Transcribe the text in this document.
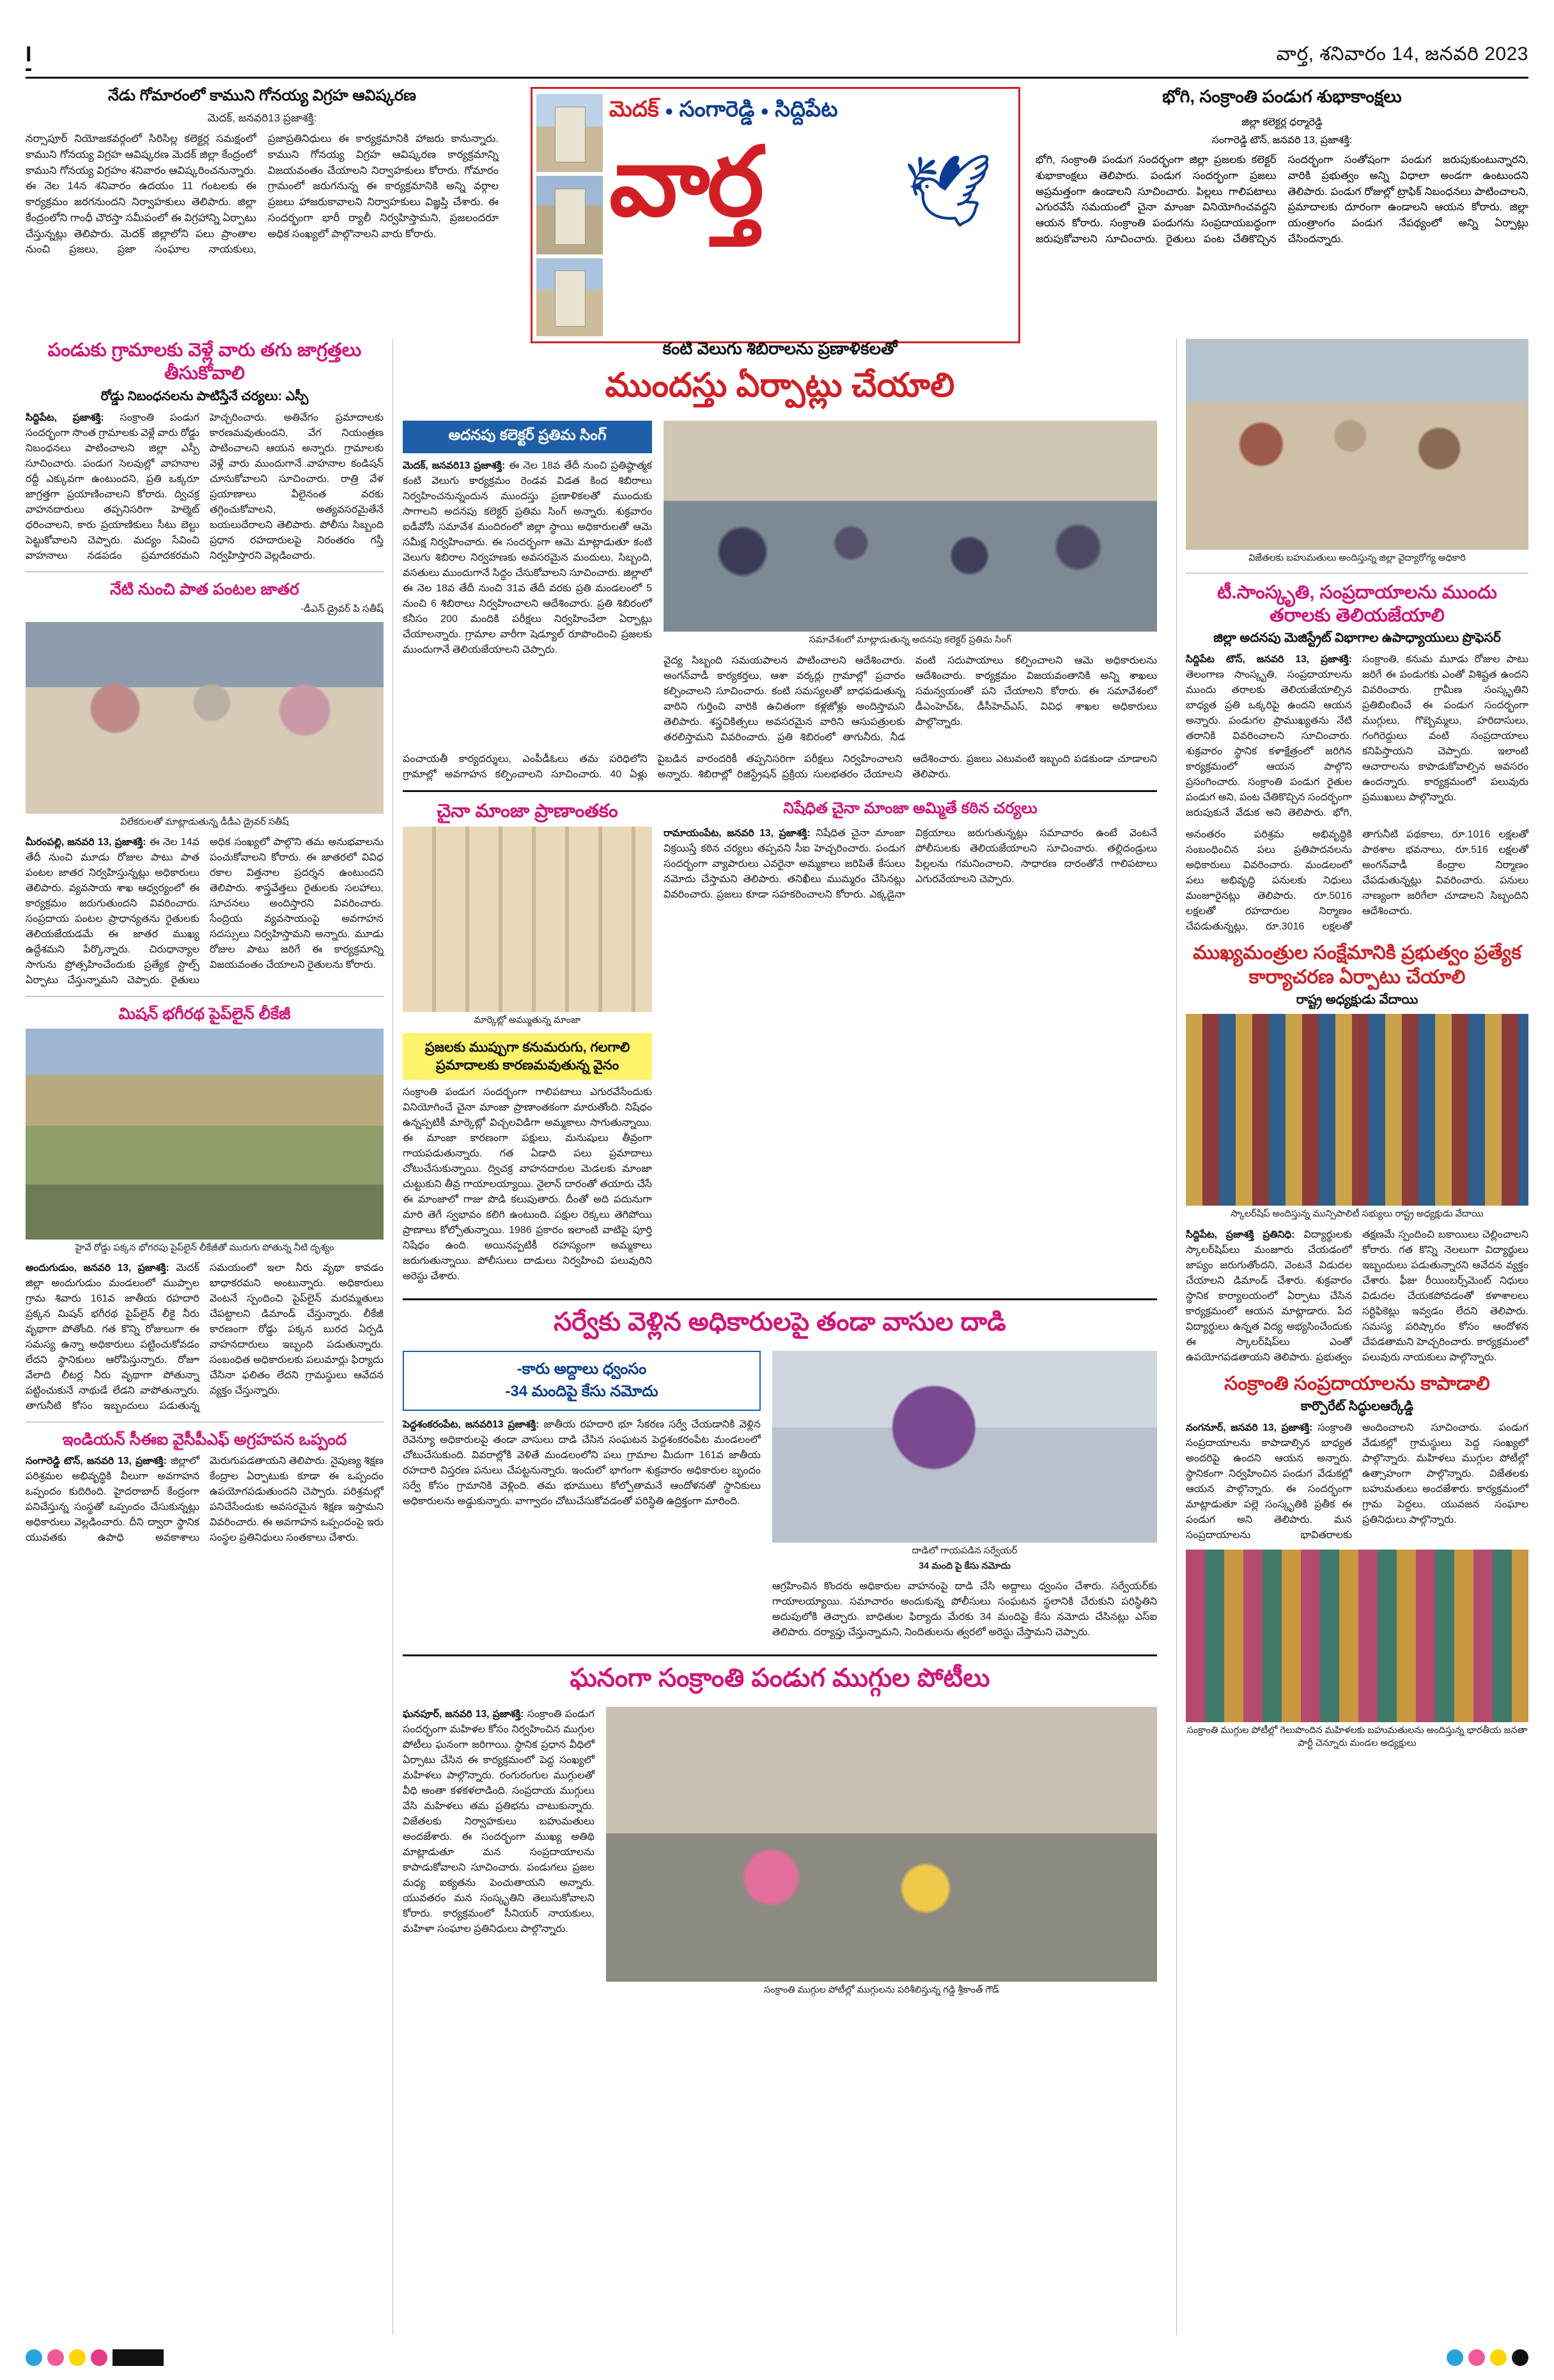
I	వార్త, శనివారం 14, జనవరి 2023
నేడు గోమారంలో కాముని గోనయ్య విగ్రహ ఆవిష్కరణ
మెదక్, జనవరి13 ప్రజాశక్తి:

నర్సాపూర్ నియోజకవర్గంలో సిరిసిల్ల కలెక్టర్ల సమక్షంలో కాముని గోనయ్య విగ్రహ ఆవిష్కరణ మెదక్ జిల్లా కేంద్రంలో కాముని గోనయ్య విగ్రహం శనివారం ఆవిష్కరించనున్నారు. ఈ నెల 14న శనివారం ఉదయం 11 గంటలకు ఈ కార్యక్రమం జరగనుందని నిర్వాహకులు తెలిపారు. జిల్లా కేంద్రంలోని గాంధీ చౌరస్తా సమీపంలో ఈ విగ్రహాన్ని ఏర్పాటు చేస్తున్నట్లు తెలిపారు. మెదక్ జిల్లాలోని పలు ప్రాంతాల నుంచి ప్రజలు, ప్రజా సంఘాల నాయకులు, ప్రజాప్రతినిధులు ఈ కార్యక్రమానికి హాజరు కానున్నారు. కాముని గోనయ్య విగ్రహ ఆవిష్కరణ కార్యక్రమాన్ని విజయవంతం చేయాలని నిర్వాహకులు కోరారు. గోమారం గ్రామంలో జరుగనున్న ఈ కార్యక్రమానికి అన్ని వర్గాల ప్రజలు హాజరుకావాలని నిర్వాహకులు విజ్ఞప్తి చేశారు. ఈ సందర్భంగా భారీ ర్యాలీ నిర్వహిస్తామని, ప్రజలందరూ అధిక సంఖ్యలో పాల్గొనాలని వారు కోరారు.

మెదక్ • సంగారెడ్డి • సిద్దిపేట
వార్త 🕊
భోగి, సంక్రాంతి పండుగ శుభాకాంక్షలు
జిల్లా కలెక్టర్ల ధర్మారెడ్డి
సంగారెడ్డి టౌన్, జనవరి 13, ప్రజాశక్తి:

భోగి, సంక్రాంతి పండుగ సందర్భంగా జిల్లా ప్రజలకు కలెక్టర్ శుభాకాంక్షలు తెలిపారు. పండుగ సందర్భంగా ప్రజలు అప్రమత్తంగా ఉండాలని సూచించారు. పిల్లలు గాలిపటాలు ఎగురవేసే సమయంలో చైనా మాంజా వినియోగించవద్దని ఆయన కోరారు. సంక్రాంతి పండుగను సంప్రదాయబద్ధంగా జరుపుకోవాలని సూచించారు. రైతులు పంట చేతికొచ్చిన సందర్భంగా సంతోషంగా పండుగ జరుపుకుంటున్నారని, వారికి ప్రభుత్వం అన్ని విధాలా అండగా ఉంటుందని తెలిపారు. పండుగ రోజుల్లో ట్రాఫిక్ నిబంధనలు పాటించాలని, ప్రమాదాలకు దూరంగా ఉండాలని ఆయన కోరారు. జిల్లా యంత్రాంగం పండుగ నేపథ్యంలో అన్ని ఏర్పాట్లు చేసిందన్నారు.

పండుకు గ్రామాలకు వెళ్లే వారు తగు జాగ్రత్తలు తీసుకోవాలి
రోడ్డు నిబంధనలను పాటిస్తేనే చర్యలు: ఎస్పీ
సిద్దిపేట, ప్రజాశక్తి: సంక్రాంతి పండుగ సందర్భంగా సొంత గ్రామాలకు వెళ్లే వారు రోడ్డు నిబంధనలు పాటించాలని జిల్లా ఎస్పీ సూచించారు. పండుగ సెలవుల్లో వాహనాల రద్దీ ఎక్కువగా ఉంటుందని, ప్రతి ఒక్కరూ జాగ్రత్తగా ప్రయాణించాలని కోరారు. ద్విచక్ర వాహనదారులు తప్పనిసరిగా హెల్మెట్ ధరించాలని, కారు ప్రయాణికులు సీటు బెల్టు పెట్టుకోవాలని చెప్పారు. మద్యం సేవించి వాహనాలు నడపడం ప్రమాదకరమని హెచ్చరించారు. అతివేగం ప్రమాదాలకు కారణమవుతుందని, వేగ నియంత్రణ పాటించాలని ఆయన అన్నారు. గ్రామాలకు వెళ్లే వారు ముందుగానే వాహనాల కండిషన్ చూసుకోవాలని సూచించారు. రాత్రి వేళ ప్రయాణాలు వీలైనంత వరకు తగ్గించుకోవాలని, అత్యవసరమైతేనే బయలుదేరాలని తెలిపారు. పోలీసు సిబ్బంది ప్రధాన రహదారులపై నిరంతరం గస్తీ నిర్వహిస్తారని వెల్లడించారు.
నేటి నుంచి పాత పంటల జాతర
-డీఎన్ డ్రైవర్ పి సతీష్
విలేకరులతో మాట్లాడుతున్న డీడీఎ డ్రైవర్ సతీష్
మీరంపల్లి, జనవరి 13, ప్రజాశక్తి: ఈ నెల 14వ తేదీ నుంచి మూడు రోజుల పాటు పాత పంటల జాతర నిర్వహిస్తున్నట్లు అధికారులు తెలిపారు. వ్యవసాయ శాఖ ఆధ్వర్యంలో ఈ కార్యక్రమం జరుగుతుందని వివరించారు. సంప్రదాయ పంటల ప్రాధాన్యతను రైతులకు తెలియజేయడమే ఈ జాతర ముఖ్య ఉద్దేశమని పేర్కొన్నారు. చిరుధాన్యాల సాగును ప్రోత్సహించేందుకు ప్రత్యేక స్టాల్స్ ఏర్పాటు చేస్తున్నామని చెప్పారు. రైతులు అధిక సంఖ్యలో పాల్గొని తమ అనుభవాలను పంచుకోవాలని కోరారు. ఈ జాతరలో వివిధ రకాల విత్తనాల ప్రదర్శన ఉంటుందని తెలిపారు. శాస్త్రవేత్తలు రైతులకు సలహాలు, సూచనలు అందిస్తారని వివరించారు. సేంద్రియ వ్యవసాయంపై అవగాహన సదస్సులు నిర్వహిస్తామని అన్నారు. మూడు రోజుల పాటు జరిగే ఈ కార్యక్రమాన్ని విజయవంతం చేయాలని రైతులను కోరారు.
మిషన్ భగీరథ పైప్‌లైన్ లీకేజీ
హైవే రోడ్డు పక్కన భోగరపు పైప్‌లైన్ లీకేజీతో మురుగు పోతున్న నీటి దృశ్యం
అందుగుడుం, జనవరి 13, ప్రజాశక్తి: మెదక్ జిల్లా అందుగుడుం మండలంలో ముప్పాల గ్రామ శివారు 161వ జాతీయ రహదారి ప్రక్కన మిషన్ భగీరథ పైప్‌లైన్ లీకై నీరు వృథాగా పోతోంది. గత కొన్ని రోజులుగా ఈ సమస్య ఉన్నా అధికారులు పట్టించుకోవడం లేదని స్థానికులు ఆరోపిస్తున్నారు. రోజూ వేలాది లీటర్ల నీరు వృథాగా పోతున్నా పట్టించుకునే నాథుడే లేడని వాపోతున్నారు. తాగునీటి కోసం ఇబ్బందులు పడుతున్న సమయంలో ఇలా నీరు వృథా కావడం బాధాకరమని అంటున్నారు. అధికారులు వెంటనే స్పందించి పైప్‌లైన్ మరమ్మతులు చేపట్టాలని డిమాండ్ చేస్తున్నారు. లీకేజీ కారణంగా రోడ్డు పక్కన బురద ఏర్పడి వాహనదారులు ఇబ్బంది పడుతున్నారు. సంబంధిత అధికారులకు పలుమార్లు ఫిర్యాదు చేసినా ఫలితం లేదని గ్రామస్థులు ఆవేదన వ్యక్తం చేస్తున్నారు.
ఇండియన్ సీఈఐ వైసీపీఎఫ్ అగ్రహపన ఒప్పంద
సంగారెడ్డి టౌన్, జనవరి 13, ప్రజాశక్తి: జిల్లాలో పరిశ్రమల అభివృద్ధికి వీలుగా అవగాహన ఒప్పందం కుదిరింది. హైదరాబాద్ కేంద్రంగా పనిచేస్తున్న సంస్థతో ఒప్పందం చేసుకున్నట్లు అధికారులు వెల్లడించారు. దీని ద్వారా స్థానిక యువతకు ఉపాధి అవకాశాలు మెరుగుపడతాయని తెలిపారు. నైపుణ్య శిక్షణ కేంద్రాల ఏర్పాటుకు కూడా ఈ ఒప్పందం ఉపయోగపడుతుందని చెప్పారు. పరిశ్రమల్లో పనిచేసేందుకు అవసరమైన శిక్షణ ఇస్తామని వివరించారు. ఈ అవగాహన ఒప్పందంపై ఇరు సంస్థల ప్రతినిధులు సంతకాలు చేశారు.
కంటి వెలుగు శిబిరాలను ప్రణాళికలతో
ముందస్తు ఏర్పాట్లు చేయాలి
అదనపు కలెక్టర్ ప్రతిమ సింగ్
మెదక్, జనవరి13 ప్రజాశక్తి: ఈ నెల 18వ తేదీ నుంచి ప్రతిష్ఠాత్మక కంటి వెలుగు కార్యక్రమం రెండవ విడత కింద శిబిరాలు నిర్వహించనున్నందున ముందస్తు ప్రణాళికలతో ముందుకు సాగాలని అదనపు కలెక్టర్ ప్రతిమ సింగ్ అన్నారు. శుక్రవారం ఐడీవోసీ సమావేశ మందిరంలో జిల్లా స్థాయి అధికారులతో ఆమె సమీక్ష నిర్వహించారు. ఈ సందర్భంగా ఆమె మాట్లాడుతూ కంటి వెలుగు శిబిరాల నిర్వహణకు అవసరమైన మందులు, సిబ్బంది, వసతులు ముందుగానే సిద్ధం చేసుకోవాలని సూచించారు. జిల్లాలో ఈ నెల 18వ తేదీ నుంచి 31వ తేదీ వరకు ప్రతి మండలంలో 5 నుంచి 6 శిబిరాలు నిర్వహించాలని ఆదేశించారు. ప్రతి శిబిరంలో కనీసం 200 మందికి పరీక్షలు నిర్వహించేలా ఏర్పాట్లు చేయాలన్నారు. గ్రామాల వారీగా షెడ్యూల్ రూపొందించి ప్రజలకు ముందుగానే తెలియజేయాలని చెప్పారు.
సమావేశంలో మాట్లాడుతున్న అదనపు కలెక్టర్ ప్రతిమ సింగ్
వైద్య సిబ్బంది సమయపాలన పాటించాలని ఆదేశించారు. అంగన్‌వాడీ కార్యకర్తలు, ఆశా వర్కర్లు గ్రామాల్లో ప్రచారం కల్పించాలని సూచించారు. కంటి సమస్యలతో బాధపడుతున్న వారిని గుర్తించి వారికి ఉచితంగా కళ్లజోళ్లు అందిస్తామని తెలిపారు. శస్త్రచికిత్సలు అవసరమైన వారిని ఆసుపత్రులకు తరలిస్తామని వివరించారు. ప్రతి శిబిరంలో తాగునీరు, నీడ వంటి సదుపాయాలు కల్పించాలని ఆమె అధికారులను ఆదేశించారు. కార్యక్రమం విజయవంతానికి అన్ని శాఖలు సమన్వయంతో పని చేయాలని కోరారు. ఈ సమావేశంలో డీఎంహెచ్ఓ, డీసీహెచ్ఎస్, వివిధ శాఖల అధికారులు పాల్గొన్నారు.
పంచాయతీ కార్యదర్శులు, ఎంపీడీఓలు తమ పరిధిలోని గ్రామాల్లో అవగాహన కల్పించాలని సూచించారు. 40 ఏళ్లు పైబడిన వారందరికీ తప్పనిసరిగా పరీక్షలు నిర్వహించాలని అన్నారు. శిబిరాల్లో రిజిస్ట్రేషన్ ప్రక్రియ సులభతరం చేయాలని ఆదేశించారు. ప్రజలు ఎటువంటి ఇబ్బంది పడకుండా చూడాలని తెలిపారు.
చైనా మాంజా ప్రాణాంతకం
మార్కెట్లో అమ్ముతున్న మాంజా
ప్రజలకు ముప్పుగా కనుమరుగు, గలగాలి ప్రమాదాలకు కారణమవుతున్న వైనం
సంక్రాంతి పండుగ సందర్భంగా గాలిపటాలు ఎగురవేసేందుకు వినియోగించే చైనా మాంజా ప్రాణాంతకంగా మారుతోంది. నిషేధం ఉన్నప్పటికీ మార్కెట్లో విచ్చలవిడిగా అమ్మకాలు సాగుతున్నాయి. ఈ మాంజా కారణంగా పక్షులు, మనుషులు తీవ్రంగా గాయపడుతున్నారు. గత ఏడాది పలు ప్రమాదాలు చోటుచేసుకున్నాయి. ద్విచక్ర వాహనదారుల మెడలకు మాంజా చుట్టుకుని తీవ్ర గాయాలయ్యాయి. నైలాన్ దారంతో తయారు చేసే ఈ మాంజాలో గాజు పొడి కలుపుతారు. దీంతో అది పదునుగా మారి తెగే స్వభావం కలిగి ఉంటుంది. పక్షుల రెక్కలు తెగిపోయి ప్రాణాలు కోల్పోతున్నాయి. 1986 ప్రకారం ఇలాంటి వాటిపై పూర్తి నిషేధం ఉంది. అయినప్పటికీ రహస్యంగా అమ్మకాలు జరుగుతున్నాయి. పోలీసులు దాడులు నిర్వహించి పలువురిని అరెస్టు చేశారు.
నిషేధిత చైనా మాంజా అమ్మితే కఠిన చర్యలు
రామాయంపేట, జనవరి 13, ప్రజాశక్తి: నిషేధిత చైనా మాంజా విక్రయిస్తే కఠిన చర్యలు తప్పవని సీఐ హెచ్చరించారు. పండుగ సందర్భంగా వ్యాపారులు ఎవరైనా అమ్మకాలు జరిపితే కేసులు నమోదు చేస్తామని తెలిపారు. తనిఖీలు ముమ్మరం చేసినట్లు వివరించారు. ప్రజలు కూడా సహకరించాలని కోరారు. ఎక్కడైనా విక్రయాలు జరుగుతున్నట్లు సమాచారం ఉంటే వెంటనే పోలీసులకు తెలియజేయాలని సూచించారు. తల్లిదండ్రులు పిల్లలను గమనించాలని, సాధారణ దారంతోనే గాలిపటాలు ఎగురవేయాలని చెప్పారు.
సర్వేకు వెళ్లిన అధికారులపై తండా వాసుల దాడి
-కారు అద్దాలు ధ్వంసం
-34 మందిపై కేసు నమోదు
పెద్దశంకరంపేట, జనవరి13 ప్రజాశక్తి: జాతీయ రహదారి భూ సేకరణ సర్వే చేయడానికి వెళ్లిన రెవెన్యూ అధికారులపై తండా వాసులు దాడి చేసిన సంఘటన పెద్దశంకరంపేట మండలంలో చోటుచేసుకుంది. వివరాల్లోకి వెళితే మండలంలోని పలు గ్రామాల మీదుగా 161వ జాతీయ రహదారి విస్తరణ పనులు చేపట్టనున్నారు. ఇందులో భాగంగా శుక్రవారం అధికారుల బృందం సర్వే కోసం గ్రామానికి వెళ్లింది. తమ భూములు కోల్పోతామనే ఆందోళనతో స్థానికులు అధికారులను అడ్డుకున్నారు. వాగ్వాదం చోటుచేసుకోవడంతో పరిస్థితి ఉద్రిక్తంగా మారింది.
దాడిలో గాయపడిన సర్వేయర్
34 మంది పై కేసు నమోదు
ఆగ్రహించిన కొందరు అధికారుల వాహనంపై దాడి చేసి అద్దాలు ధ్వంసం చేశారు. సర్వేయర్‌కు గాయాలయ్యాయి. సమాచారం అందుకున్న పోలీసులు సంఘటన స్థలానికి చేరుకుని పరిస్థితిని అదుపులోకి తెచ్చారు. బాధితుల ఫిర్యాదు మేరకు 34 మందిపై కేసు నమోదు చేసినట్లు ఎస్ఐ తెలిపారు. దర్యాప్తు చేస్తున్నామని, నిందితులను త్వరలో అరెస్టు చేస్తామని చెప్పారు.
ఘనంగా సంక్రాంతి పండుగ ముగ్గుల పోటీలు
ఘనపూర్, జనవరి 13, ప్రజాశక్తి: సంక్రాంతి పండుగ సందర్భంగా మహిళల కోసం నిర్వహించిన ముగ్గుల పోటీలు ఘనంగా జరిగాయి. స్థానిక ప్రధాన వీధిలో ఏర్పాటు చేసిన ఈ కార్యక్రమంలో పెద్ద సంఖ్యలో మహిళలు పాల్గొన్నారు. రంగురంగుల ముగ్గులతో వీధి అంతా కళకళలాడింది. సంప్రదాయ ముగ్గులు వేసి మహిళలు తమ ప్రతిభను చాటుకున్నారు. విజేతలకు నిర్వాహకులు బహుమతులు అందజేశారు. ఈ సందర్భంగా ముఖ్య అతిథి మాట్లాడుతూ మన సంప్రదాయాలను కాపాడుకోవాలని సూచించారు. పండుగలు ప్రజల మధ్య ఐక్యతను పెంచుతాయని అన్నారు. యువతరం మన సంస్కృతిని తెలుసుకోవాలని కోరారు. కార్యక్రమంలో సీనియర్ నాయకులు, మహిళా సంఘాల ప్రతినిధులు పాల్గొన్నారు.
సంక్రాంతి ముగ్గుల పోటీల్లో ముగ్గులను పరిశీలిస్తున్న గడ్డి శ్రీకాంత్ గౌడ్
విజేతలకు బహుమతులు అందిస్తున్న జిల్లా వైద్యారోగ్య అధికారి
టీ.సాంస్కృతి, సంప్రదాయాలను ముందు తరాలకు తెలియజేయాలి
జిల్లా అదనపు మెజిస్ట్రేట్ విభాగాల ఉపాధ్యాయులు ప్రొఫెసర్
సిద్దిపేట టౌన్, జనవరి 13, ప్రజాశక్తి: తెలంగాణ సాంస్కృతి, సంప్రదాయాలను ముందు తరాలకు తెలియజేయాల్సిన బాధ్యత ప్రతి ఒక్కరిపై ఉందని ఆయన అన్నారు. పండుగల ప్రాముఖ్యతను నేటి తరానికి వివరించాలని సూచించారు. శుక్రవారం స్థానిక కళాక్షేత్రంలో జరిగిన కార్యక్రమంలో ఆయన పాల్గొని ప్రసంగించారు. సంక్రాంతి పండుగ రైతుల పండుగ అని, పంట చేతికొచ్చిన సందర్భంగా జరుపుకునే వేడుక అని తెలిపారు. భోగి, సంక్రాంతి, కనుమ మూడు రోజుల పాటు జరిగే ఈ పండుగకు ఎంతో విశిష్టత ఉందని వివరించారు. గ్రామీణ సంస్కృతిని ప్రతిబింబించే ఈ పండుగ సందర్భంగా ముగ్గులు, గొబ్బెమ్మలు, హరిదాసులు, గంగిరెద్దులు వంటి సంప్రదాయాలు కనిపిస్తాయని చెప్పారు. ఇలాంటి ఆచారాలను కాపాడుకోవాల్సిన అవసరం ఉందన్నారు. కార్యక్రమంలో పలువురు ప్రముఖులు పాల్గొన్నారు.
అనంతరం పరిశ్రమ అభివృద్ధికి సంబంధించిన పలు ప్రతిపాదనలను అధికారులు వివరించారు. మండలంలో పలు అభివృద్ధి పనులకు నిధులు మంజూరైనట్లు తెలిపారు. రూ.5016 లక్షలతో రహదారుల నిర్మాణం చేపడుతున్నట్లు, రూ.3016 లక్షలతో తాగునీటి పథకాలు, రూ.1016 లక్షలతో పాఠశాల భవనాలు, రూ.516 లక్షలతో అంగన్‌వాడీ కేంద్రాల నిర్మాణం చేపడుతున్నట్లు వివరించారు. పనులు నాణ్యంగా జరిగేలా చూడాలని సిబ్బందిని ఆదేశించారు.
ముఖ్యమంత్రుల సంక్షేమానికి ప్రభుత్వం ప్రత్యేక కార్యాచరణ ఏర్పాటు చేయాలి
రాష్ట్ర అధ్యక్షుడు వేదాయి
స్కాలర్‌షిప్ అందిస్తున్న మున్సిపాలిటీ సభ్యులు రాష్ట్ర అధ్యక్షుడు వేదాయి
సిద్దిపేట, ప్రజాశక్తి ప్రతినిధి: విద్యార్థులకు స్కాలర్‌షిప్‌లు మంజూరు చేయడంలో జాప్యం జరుగుతోందని, వెంటనే విడుదల చేయాలని డిమాండ్ చేశారు. శుక్రవారం స్థానిక కార్యాలయంలో ఏర్పాటు చేసిన కార్యక్రమంలో ఆయన మాట్లాడారు. పేద విద్యార్థులు ఉన్నత విద్య అభ్యసించేందుకు ఈ స్కాలర్‌షిప్‌లు ఎంతో ఉపయోగపడతాయని తెలిపారు. ప్రభుత్వం తక్షణమే స్పందించి బకాయిలు చెల్లించాలని కోరారు. గత కొన్ని నెలలుగా విద్యార్థులు ఇబ్బందులు పడుతున్నారని ఆవేదన వ్యక్తం చేశారు. ఫీజు రీయింబర్స్‌మెంట్ నిధులు విడుదల చేయకపోవడంతో కళాశాలలు సర్టిఫికెట్లు ఇవ్వడం లేదని తెలిపారు. సమస్య పరిష్కారం కోసం ఆందోళన చేపడతామని హెచ్చరించారు. కార్యక్రమంలో పలువురు నాయకులు పాల్గొన్నారు.
సంక్రాంతి సంప్రదాయాలను కాపాడాలి
కార్పొరేట్ సిద్ధులఆర్కేడ్డి
నంగనూర్, జనవరి 13, ప్రజాశక్తి: సంక్రాంతి సంప్రదాయాలను కాపాడాల్సిన బాధ్యత అందరిపై ఉందని ఆయన అన్నారు. స్థానికంగా నిర్వహించిన పండుగ వేడుకల్లో ఆయన పాల్గొన్నారు. ఈ సందర్భంగా మాట్లాడుతూ పల్లె సంస్కృతికి ప్రతీక ఈ పండుగ అని తెలిపారు. మన సంప్రదాయాలను భావితరాలకు అందించాలని సూచించారు. పండుగ వేడుకల్లో గ్రామస్థులు పెద్ద సంఖ్యలో పాల్గొన్నారు. మహిళలు ముగ్గుల పోటీల్లో ఉత్సాహంగా పాల్గొన్నారు. విజేతలకు బహుమతులు అందజేశారు. కార్యక్రమంలో గ్రామ పెద్దలు, యువజన సంఘాల ప్రతినిధులు పాల్గొన్నారు.
సంక్రాంతి ముగ్గుల పోటీల్లో గెలుపొందిన మహిళలకు బహుమతులను అందిస్తున్న భారతీయ జనతా పార్టీ చెన్నూరు మండల అధ్యక్షులు
